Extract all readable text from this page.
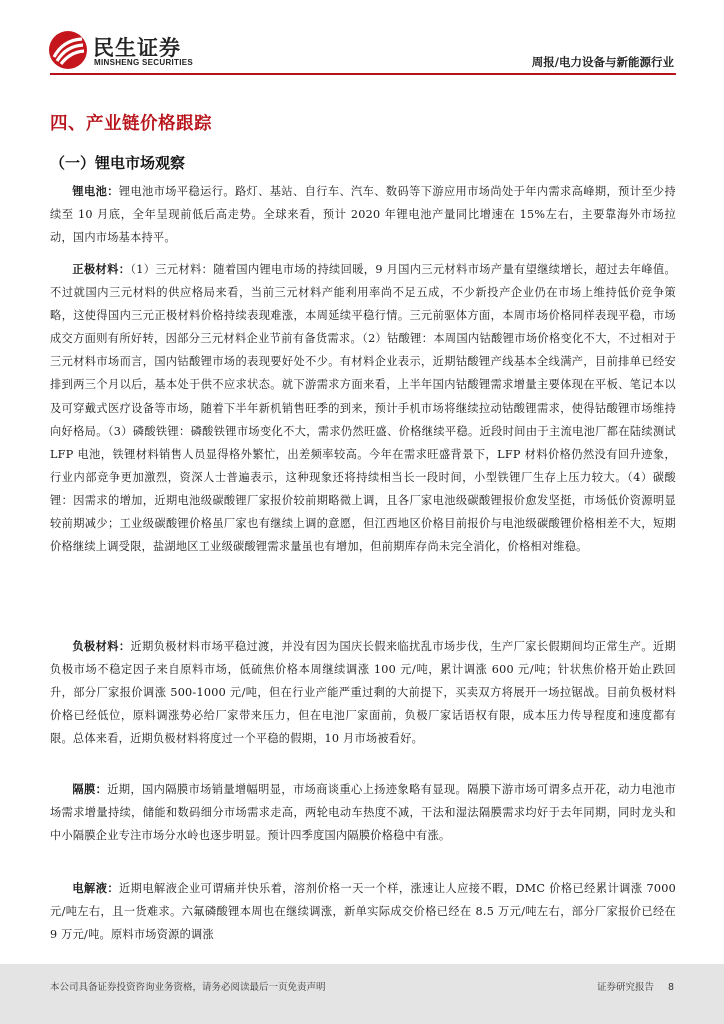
民生证券
MINSHENG SECURITIES	周报/电力设备与新能源行业
四、产业链价格跟踪
（一）锂电市场观察

锂电池：锂电池市场平稳运行。路灯、基站、自行车、汽车、数码等下游应用市场尚处于年内需求高峰期，预计至少持续至 10 月底，全年呈现前低后高走势。全球来看，预计 2020 年锂电池产量同比增速在 15%左右，主要靠海外市场拉动，国内市场基本持平。

正极材料：（1）三元材料：随着国内锂电市场的持续回暖，9 月国内三元材料市场产量有望继续增长，超过去年峰值。不过就国内三元材料的供应格局来看，当前三元材料产能利用率尚不足五成，不少新投产企业仍在市场上维持低价竞争策略，这使得国内三元正极材料价格持续表现难涨，本周延续平稳行情。三元前驱体方面，本周市场价格同样表现平稳，市场成交方面则有所好转，因部分三元材料企业节前有备货需求。（2）钴酸锂：本周国内钴酸锂市场价格变化不大，不过相对于三元材料市场而言，国内钴酸锂市场的表现要好处不少。有材料企业表示，近期钴酸锂产线基本全线满产，目前排单已经安排到两三个月以后，基本处于供不应求状态。就下游需求方面来看，上半年国内钴酸锂需求增量主要体现在平板、笔记本以及可穿戴式医疗设备等市场，随着下半年新机销售旺季的到来，预计手机市场将继续拉动钴酸锂需求，使得钴酸锂市场维持向好格局。（3）磷酸铁锂：磷酸铁锂市场变化不大，需求仍然旺盛、价格继续平稳。近段时间由于主流电池厂都在陆续测试 LFP 电池，铁锂材料销售人员显得格外繁忙，出差频率较高。今年在需求旺盛背景下，LFP 材料价格仍然没有回升迹象，行业内部竞争更加激烈，资深人士普遍表示，这种现象还将持续相当长一段时间，小型铁锂厂生存上压力较大。（4）碳酸锂：因需求的增加，近期电池级碳酸锂厂家报价较前期略微上调，且各厂家电池级碳酸锂报价愈发坚挺，市场低价资源明显较前期减少；工业级碳酸锂价格虽厂家也有继续上调的意愿，但江西地区价格目前报价与电池级碳酸锂价格相差不大，短期价格继续上调受限，盐湖地区工业级碳酸锂需求量虽也有增加，但前期库存尚未完全消化，价格相对维稳。

负极材料：近期负极材料市场平稳过渡，并没有因为国庆长假来临扰乱市场步伐，生产厂家长假期间均正常生产。近期负极市场不稳定因子来自原料市场，低硫焦价格本周继续调涨 100 元/吨，累计调涨 600 元/吨；针状焦价格开始止跌回升，部分厂家报价调涨 500-1000 元/吨，但在行业产能严重过剩的大前提下，买卖双方将展开一场拉锯战。目前负极材料价格已经低位，原料调涨势必给厂家带来压力，但在电池厂家面前，负极厂家话语权有限，成本压力传导程度和速度都有限。总体来看，近期负极材料将度过一个平稳的假期，10 月市场被看好。

隔膜：近期，国内隔膜市场销量增幅明显，市场商谈重心上扬迹象略有显现。隔膜下游市场可谓多点开花，动力电池市场需求增量持续，储能和数码细分市场需求走高，两轮电动车热度不减，干法和湿法隔膜需求均好于去年同期，同时龙头和中小隔膜企业专注市场分水岭也逐步明显。预计四季度国内隔膜价格稳中有涨。

电解液：近期电解液企业可谓痛并快乐着，溶剂价格一天一个样，涨速让人应接不暇，DMC 价格已经累计调涨 7000 元/吨左右，且一货难求。六氟磷酸锂本周也在继续调涨，新单实际成交价格已经在 8.5 万元/吨左右，部分厂家报价已经在 9 万元/吨。原料市场资源的调涨

本公司具备证券投资咨询业务资格，请务必阅读最后一页免责声明	证券研究报告 8
